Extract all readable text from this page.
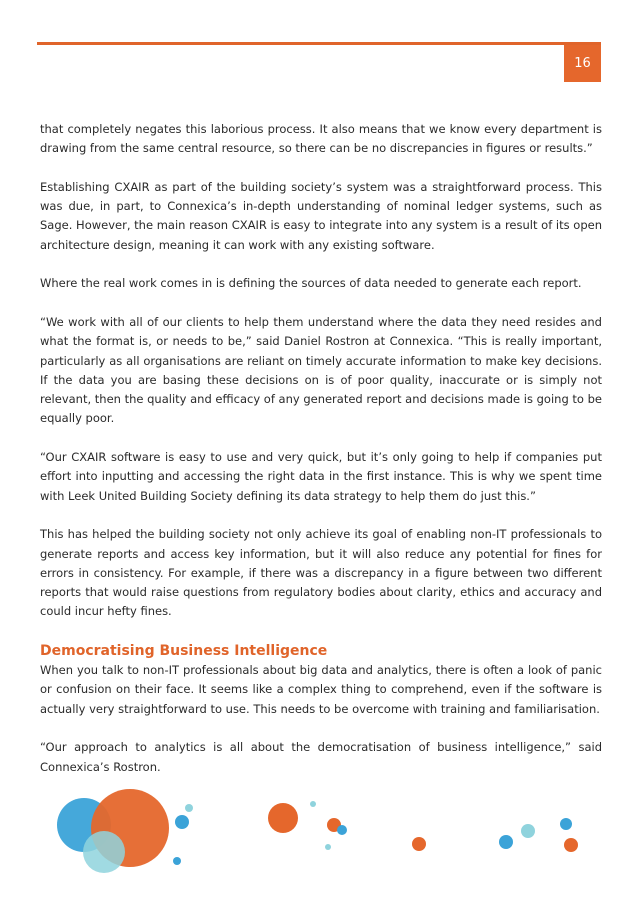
16

that completely negates this laborious process. It also means that we know every department is drawing from the same central resource, so there can be no discrepancies in figures or results.”

Establishing CXAIR as part of the building society’s system was a straightforward process. This was due, in part, to Connexica’s in-depth understanding of nominal ledger systems, such as Sage. However, the main reason CXAIR is easy to integrate into any system is a result of its open architecture design, meaning it can work with any existing software.

Where the real work comes in is defining the sources of data needed to generate each report.

“We work with all of our clients to help them understand where the data they need resides and what the format is, or needs to be,” said Daniel Rostron at Connexica. “This is really important, particularly as all organisations are reliant on timely accurate information to make key decisions. If the data you are basing these decisions on is of poor quality, inaccurate or is simply not relevant, then the quality and efficacy of any generated report and decisions made is going to be equally poor.

“Our CXAIR software is easy to use and very quick, but it’s only going to help if companies put effort into inputting and accessing the right data in the first instance. This is why we spent time with Leek United Building Society defining its data strategy to help them do just this.”

This has helped the building society not only achieve its goal of enabling non-IT professionals to generate reports and access key information, but it will also reduce any potential for fines for errors in consistency. For example, if there was a discrepancy in a figure between two different reports that would raise questions from regulatory bodies about clarity, ethics and accuracy and could incur hefty fines.

Democratising Business Intelligence

When you talk to non-IT professionals about big data and analytics, there is often a look of panic or confusion on their face. It seems like a complex thing to comprehend, even if the software is actually very straightforward to use. This needs to be overcome with training and familiarisation.

“Our approach to analytics is all about the democratisation of business intelligence,” said Connexica’s Rostron.
